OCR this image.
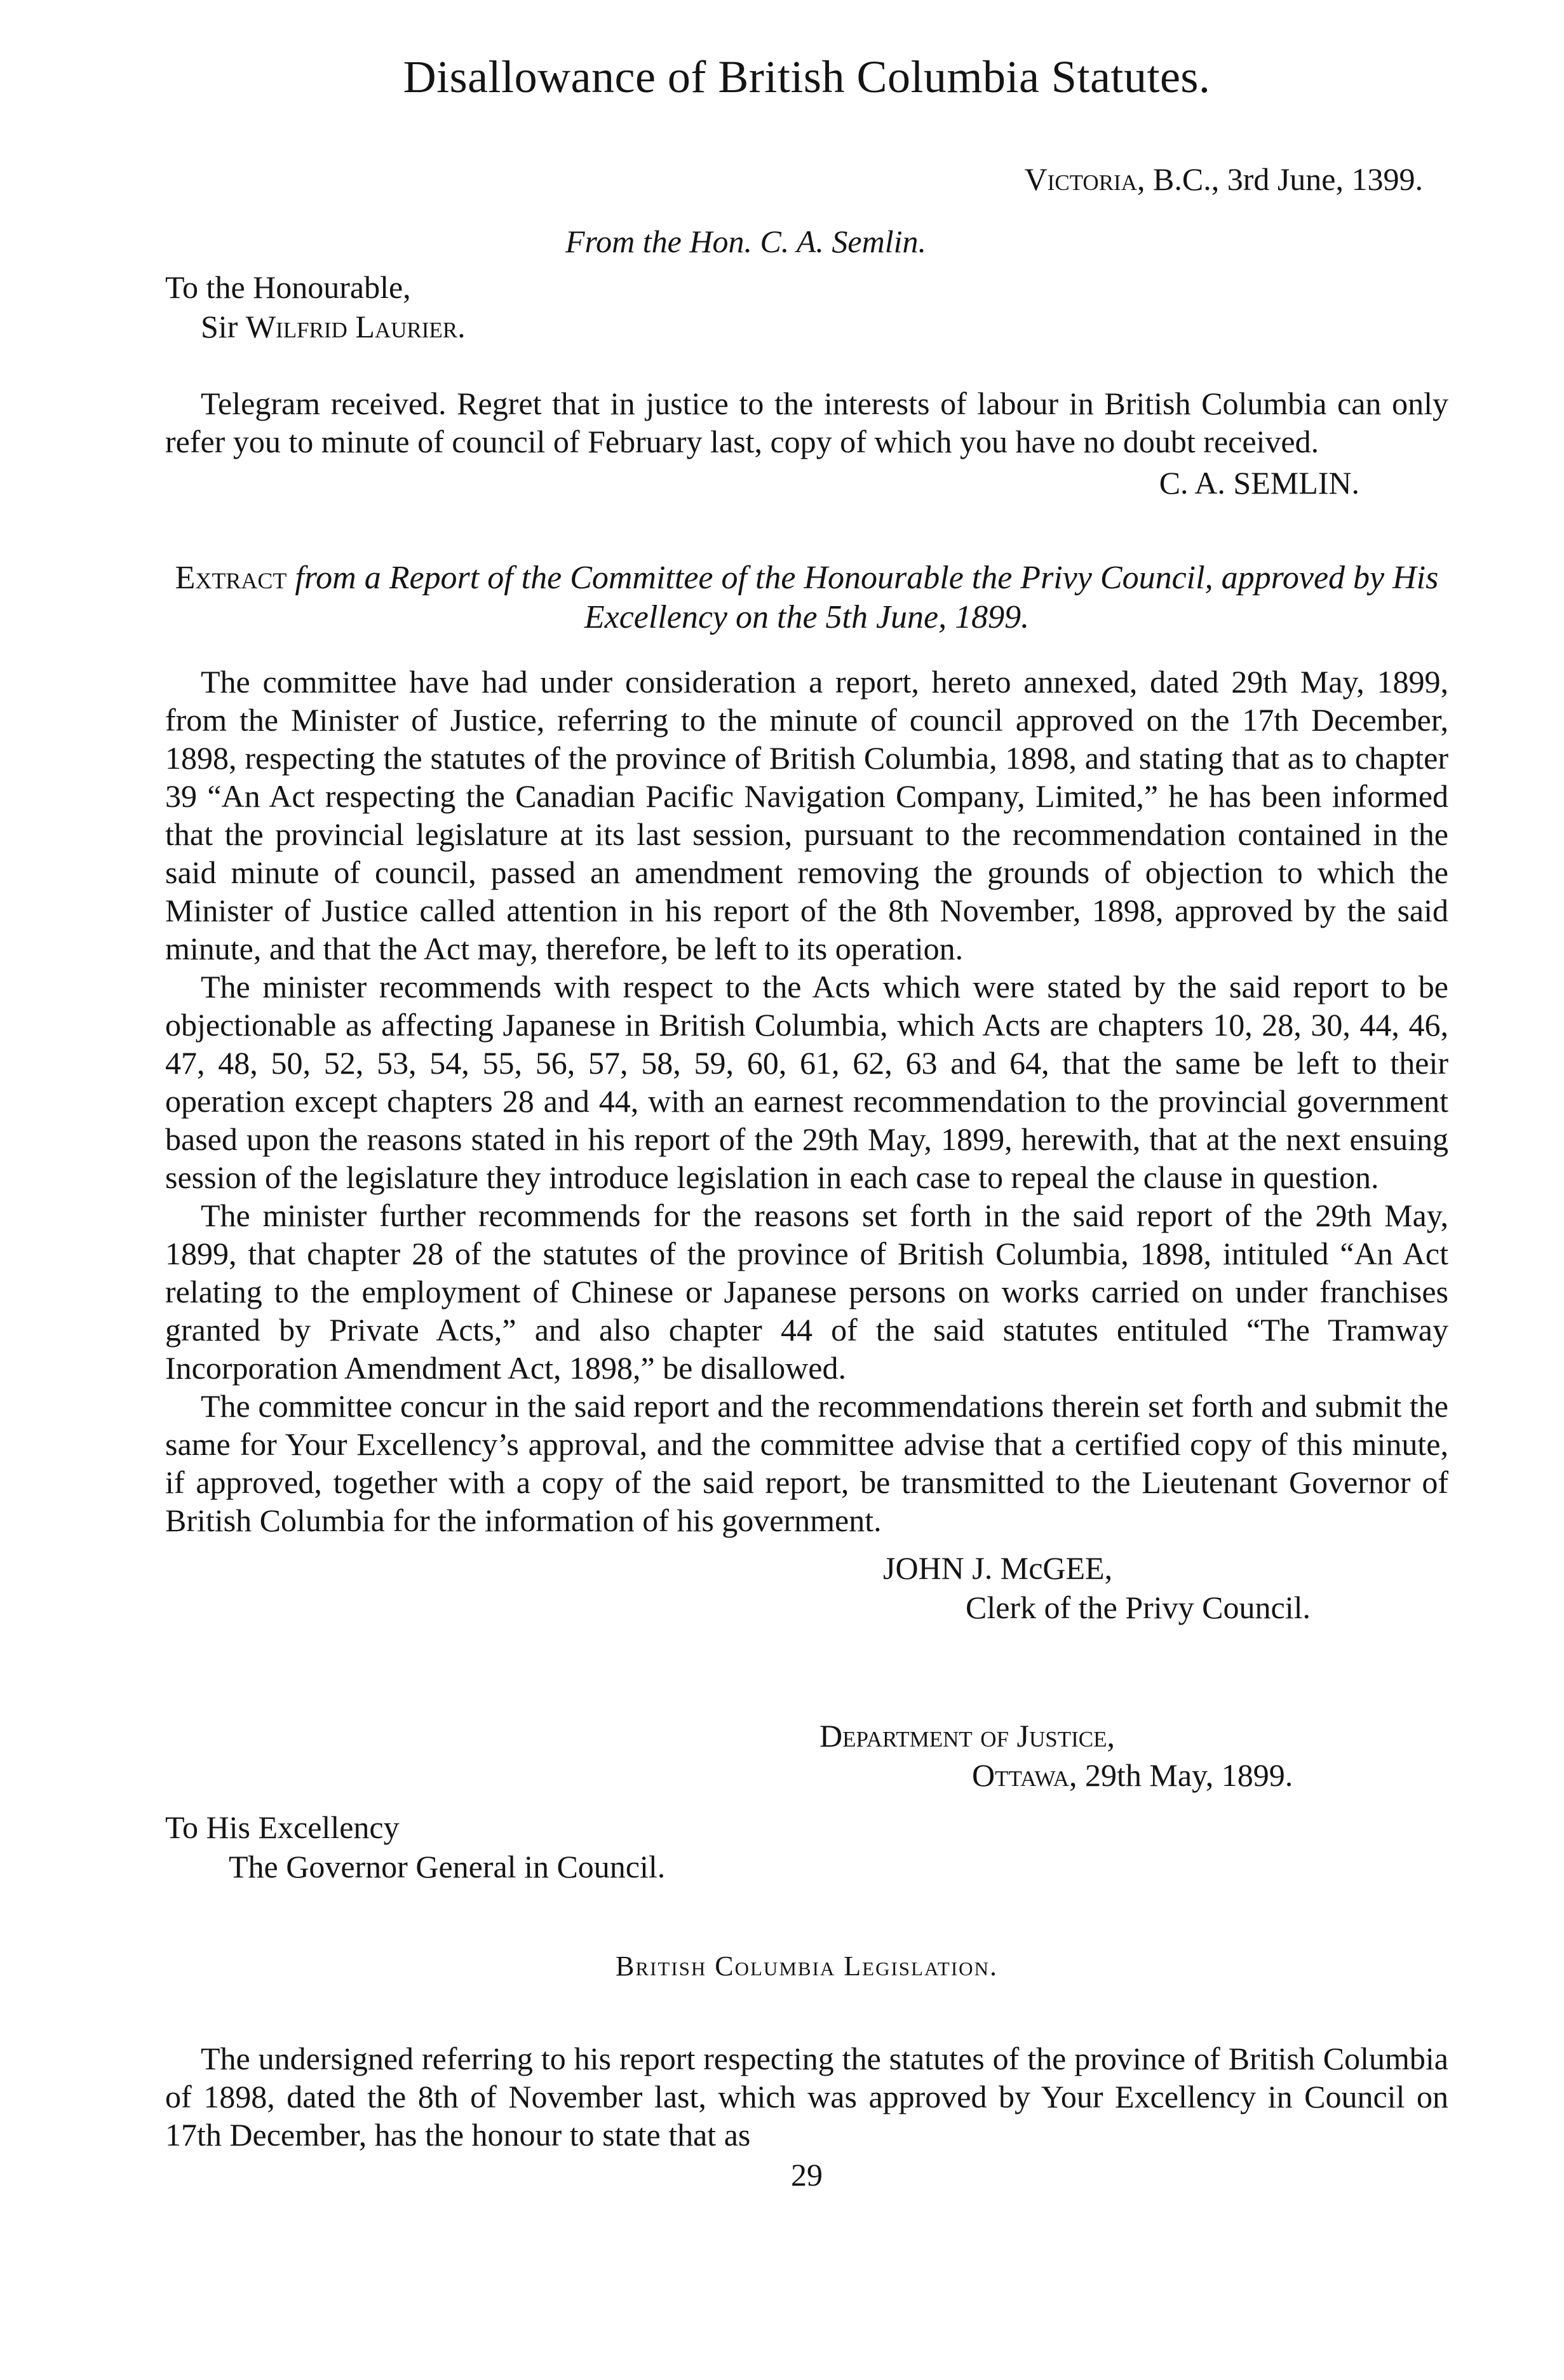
Disallowance of British Columbia Statutes.
Victoria, B.C., 3rd June, 1399.
From the Hon. C. A. Semlin.
To the Honourable,
Sir Wilfrid Laurier.

Telegram received. Regret that in justice to the interests of labour in British Columbia can only refer you to minute of council of February last, copy of which you have no doubt received.

C. A. SEMLIN.
Extract from a Report of the Committee of the Honourable the Privy Council, approved by His Excellency on the 5th June, 1899.

The committee have had under consideration a report, hereto annexed, dated 29th May, 1899, from the Minister of Justice, referring to the minute of council approved on the 17th December, 1898, respecting the statutes of the province of British Columbia, 1898, and stating that as to chapter 39 “An Act respecting the Canadian Pacific Navigation Company, Limited,” he has been informed that the provincial legislature at its last session, pursuant to the recommendation contained in the said minute of council, passed an amendment removing the grounds of objection to which the Minister of Justice called attention in his report of the 8th November, 1898, approved by the said minute, and that the Act may, therefore, be left to its operation.

The minister recommends with respect to the Acts which were stated by the said report to be objectionable as affecting Japanese in British Columbia, which Acts are chapters 10, 28, 30, 44, 46, 47, 48, 50, 52, 53, 54, 55, 56, 57, 58, 59, 60, 61, 62, 63 and 64, that the same be left to their operation except chapters 28 and 44, with an earnest recommendation to the provincial government based upon the reasons stated in his report of the 29th May, 1899, herewith, that at the next ensuing session of the legislature they introduce legislation in each case to repeal the clause in question.

The minister further recommends for the reasons set forth in the said report of the 29th May, 1899, that chapter 28 of the statutes of the province of British Columbia, 1898, intituled “An Act relating to the employment of Chinese or Japanese persons on works carried on under franchises granted by Private Acts,” and also chapter 44 of the said statutes entituled “The Tramway Incorporation Amendment Act, 1898,” be disallowed.

The committee concur in the said report and the recommendations therein set forth and submit the same for Your Excellency’s approval, and the committee advise that a certified copy of this minute, if approved, together with a copy of the said report, be transmitted to the Lieutenant Governor of British Columbia for the information of his government.

JOHN J. McGEE,
Clerk of the Privy Council.
Department of Justice,
Ottawa, 29th May, 1899.
To His Excellency
The Governor General in Council.
British Columbia Legislation.

The undersigned referring to his report respecting the statutes of the province of British Columbia of 1898, dated the 8th of November last, which was approved by Your Excellency in Council on 17th December, has the honour to state that as

29
